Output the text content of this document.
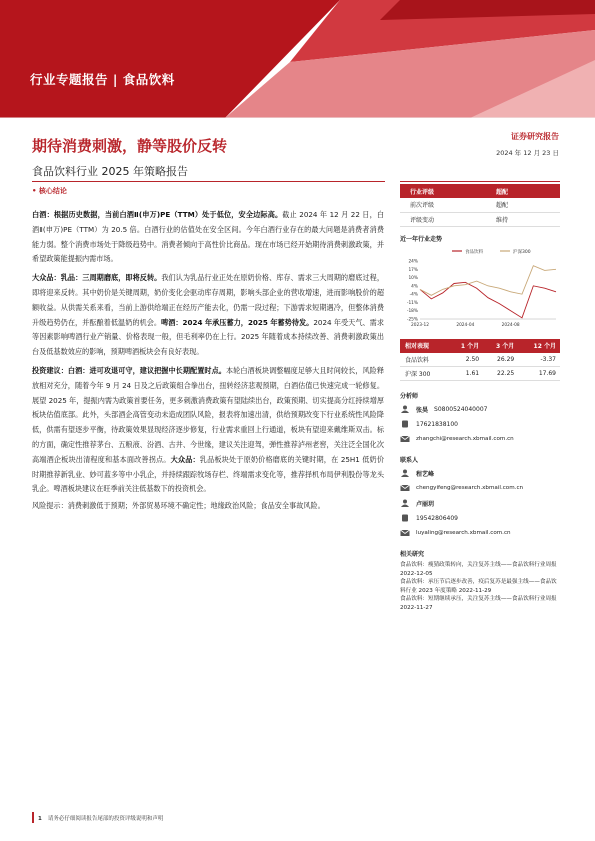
行业专题报告 | 食品饮料
期待消费刺激，静等股价反转
食品饮料行业 2025 年策略报告
证券研究报告
2024 年 12 月 23 日
• 核心结论

白酒：根据历史数据，当前白酒Ⅱ(申万)PE（TTM）处于低位，安全边际高。截止 2024 年 12 月 22 日，白酒Ⅱ(申万)PE（TTM）为 20.5 倍。白酒行业的估值处在安全区间。今年白酒行业存在的最大问题是消费者消费能力弱。整个消费市场处于降级趋势中。消费者倾向于高性价比商品。现在市场已经开始期待消费刺激政策，并希望政策能提振内需市场。

大众品：乳品：三周期磨底，即将反转。我们认为乳品行业正处在原奶价格、库存、需求三大周期的磨底过程，即将迎来反转。其中奶价是关键周期，奶价变化会驱动库存周期，影响头部企业的营收增速，进而影响股价的超额收益。从供需关系来看，当前上游供给端正在经历产能去化，仍需一段过程；下游需求短期遇冷，但整体消费升级趋势仍在，并酝酿着低温奶的机会。啤酒：2024 年承压蓄力，2025 年蓄势待发。2024 年受天气、需求等因素影响啤酒行业产销量、价格表现一般，但毛利率仍在上行。2025 年随着成本持续改善、消费刺激政策出台及低基数效应的影响，预期啤酒板块会有良好表现。

投资建议：白酒：进可攻退可守，建议把握中长期配置时点。本轮白酒板块调整幅度足够大且时间较长，风险释放相对充分，随着今年 9 月 24 日及之后政策组合拳出台，扭转经济悲观预期，白酒估值已快速完成一轮修复。展望 2025 年，提振内需为政策首要任务，更多刺激消费政策有望陆续出台，政策预期、切实提高分红持续增厚板块估值底部。此外，头部酒企高管变动未造成团队风险，报表将加速出清，供给预期改变下行业系统性风险降低，供需有望逐步平衡，待政策效果显现经济逐步修复，行业需求重回上行通道，板块有望迎来戴维斯双击。标的方面，确定性推荐茅台、五粮液、汾酒、古井、今世缘，建议关注迎驾，弹性推荐泸州老窖，关注泛全国化次高端酒企板块出清程度和基本面改善拐点。大众品：乳品板块处于原奶价格磨底的关键时期，在 25H1 低奶价时期推荐新乳业、妙可蓝多等中小乳企，并持续跟踪牧场存栏、终端需求变化等，推荐择机布局伊利股份等龙头乳企。啤酒板块建议在旺季前关注低基数下的投资机会。

风险提示：消费刺激低于预期；外部贸易环境不确定性；地缘政治风险；食品安全事故风险。

行业评级	超配
前次评级	超配
评级变动	维持
近一年行业走势
食品饮料	沪深300
24%
17%
10%
4%
-4%
-11%
-18%
-25%
2023-12	2024-04	2024-08
相对表现	1 个月	3 个月	12 个月
食品饮料	2.50	26.29	-3.37
沪深 300	1.61	22.25	17.69
分析师
张昊 S0800524040007
17621838100
zhangchi@research.xbmail.com.cn
联系人
程艺峰
chengyifeng@research.xbmail.com.cn
卢丽玥
19542806409
luyaling@research.xbmail.com.cn
相关研究
食品饮料：瘦猜政策转向，关注复苏主线——食品饮料行业周报　2022-12-05
食品饮料：承压节后逐步改善，疫后复苏是最强主线——食品饮料行业 2023 年度策略 2022-11-29
食品饮料：短期继续承压，关注复苏主线——食品饮料行业周报　2022-11-27
1 请务必仔细阅读报告尾部的投资评级说明和声明
